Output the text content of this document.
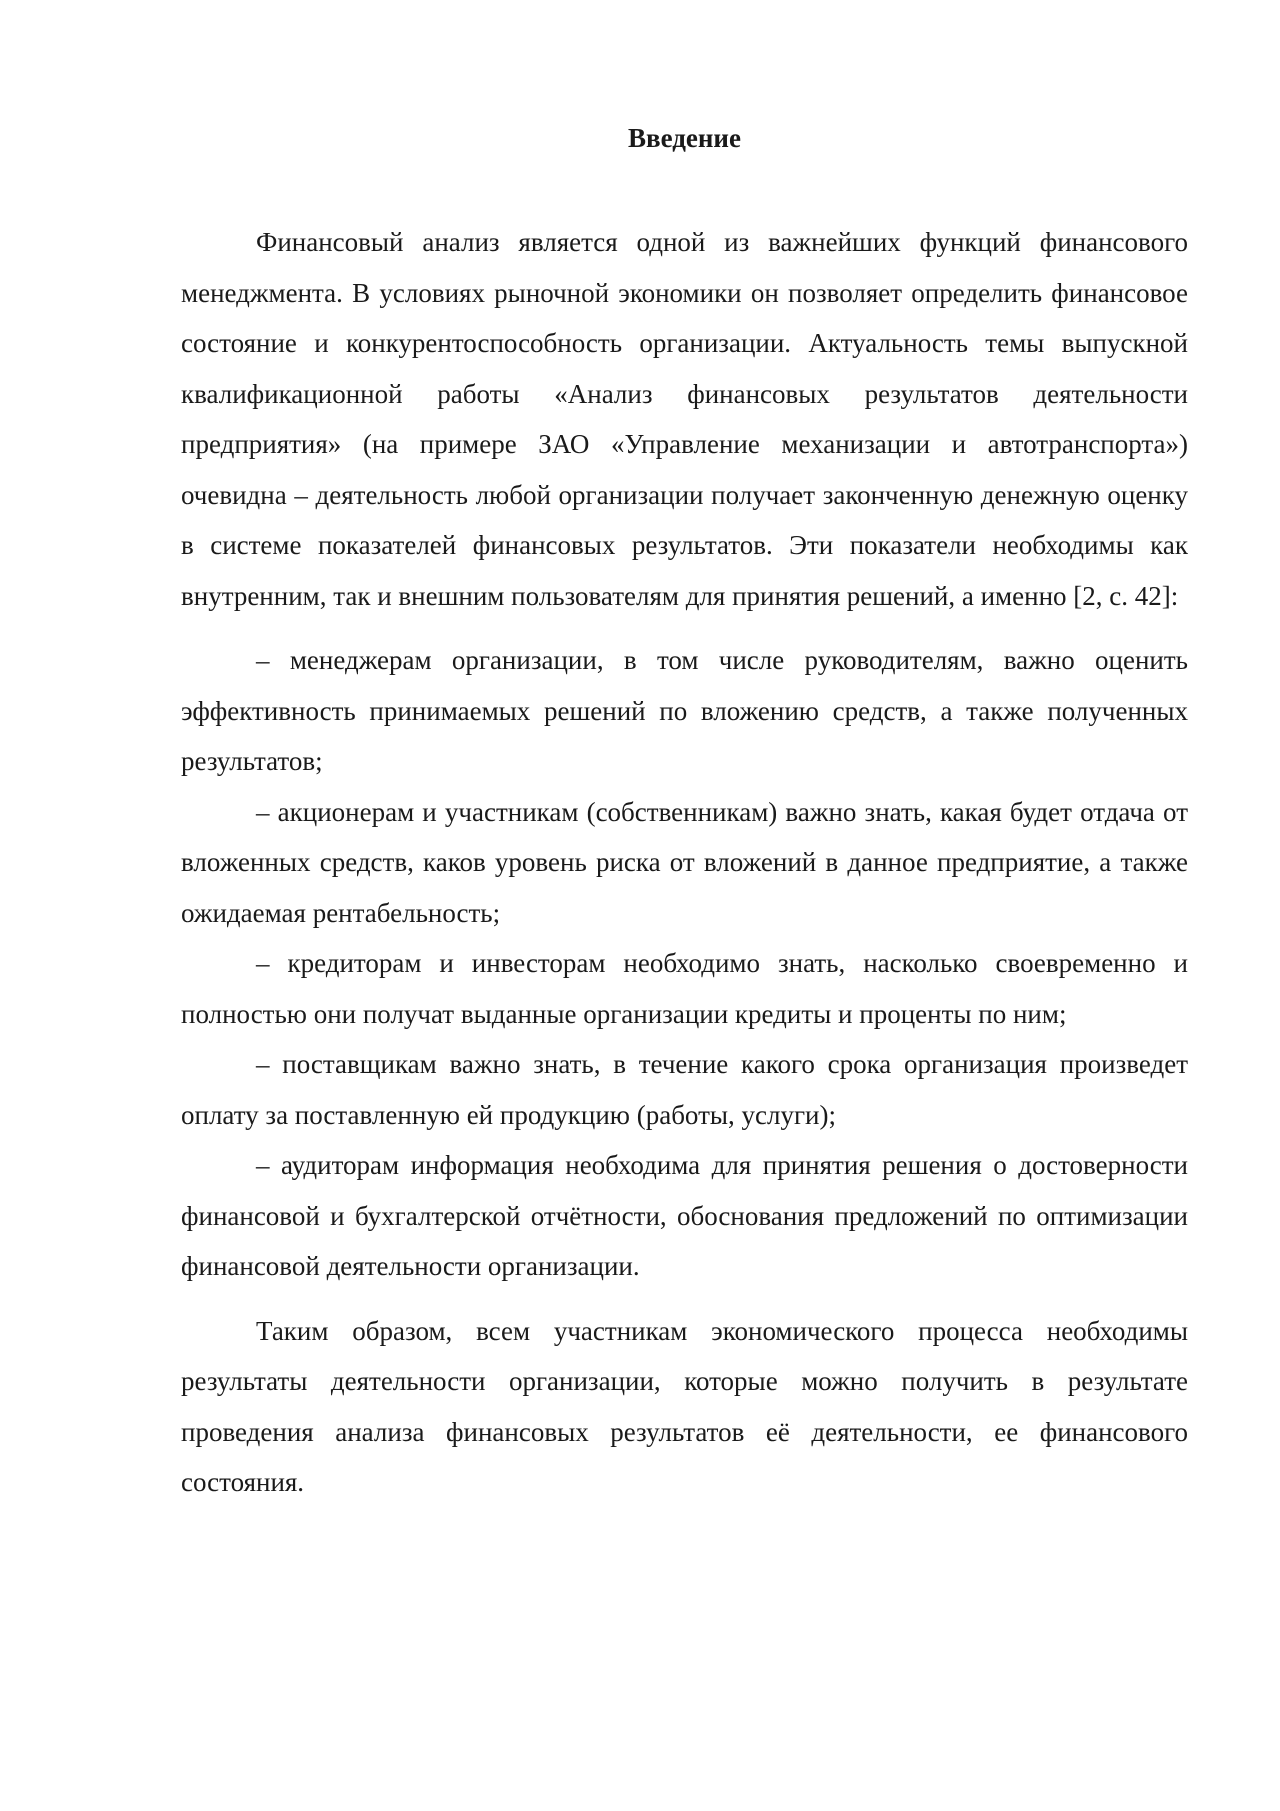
Введение

Финансовый анализ является одной из важнейших функций финансового менеджмента. В условиях рыночной экономики он позволяет определить финансовое состояние и конкурентоспособность организации. Актуальность темы выпускной квалификационной работы «Анализ финансовых результатов деятельности предприятия» (на примере ЗАО «Управление механизации и автотранспорта») очевидна – деятельность любой организации получает законченную денежную оценку в системе показателей финансовых результатов. Эти показатели необходимы как внутренним, так и внешним пользователям для принятия решений, а именно [2, с. 42]:

– менеджерам организации, в том числе руководителям, важно оценить эффективность принимаемых решений по вложению средств, а также полученных результатов;

– акционерам и участникам (собственникам) важно знать, какая будет отдача от вложенных средств, каков уровень риска от вложений в данное предприятие, а также ожидаемая рентабельность;

– кредиторам и инвесторам необходимо знать, насколько своевременно и полностью они получат выданные организации кредиты и проценты по ним;

– поставщикам важно знать, в течение какого срока организация произведет оплату за поставленную ей продукцию (работы, услуги);

– аудиторам информация необходима для принятия решения о достоверности финансовой и бухгалтерской отчётности, обоснования предложений по оптимизации финансовой деятельности организации.

Таким образом, всем участникам экономического процесса необходимы результаты деятельности организации, которые можно получить в результате проведения анализа финансовых результатов её деятельности, ее финансового состояния.
